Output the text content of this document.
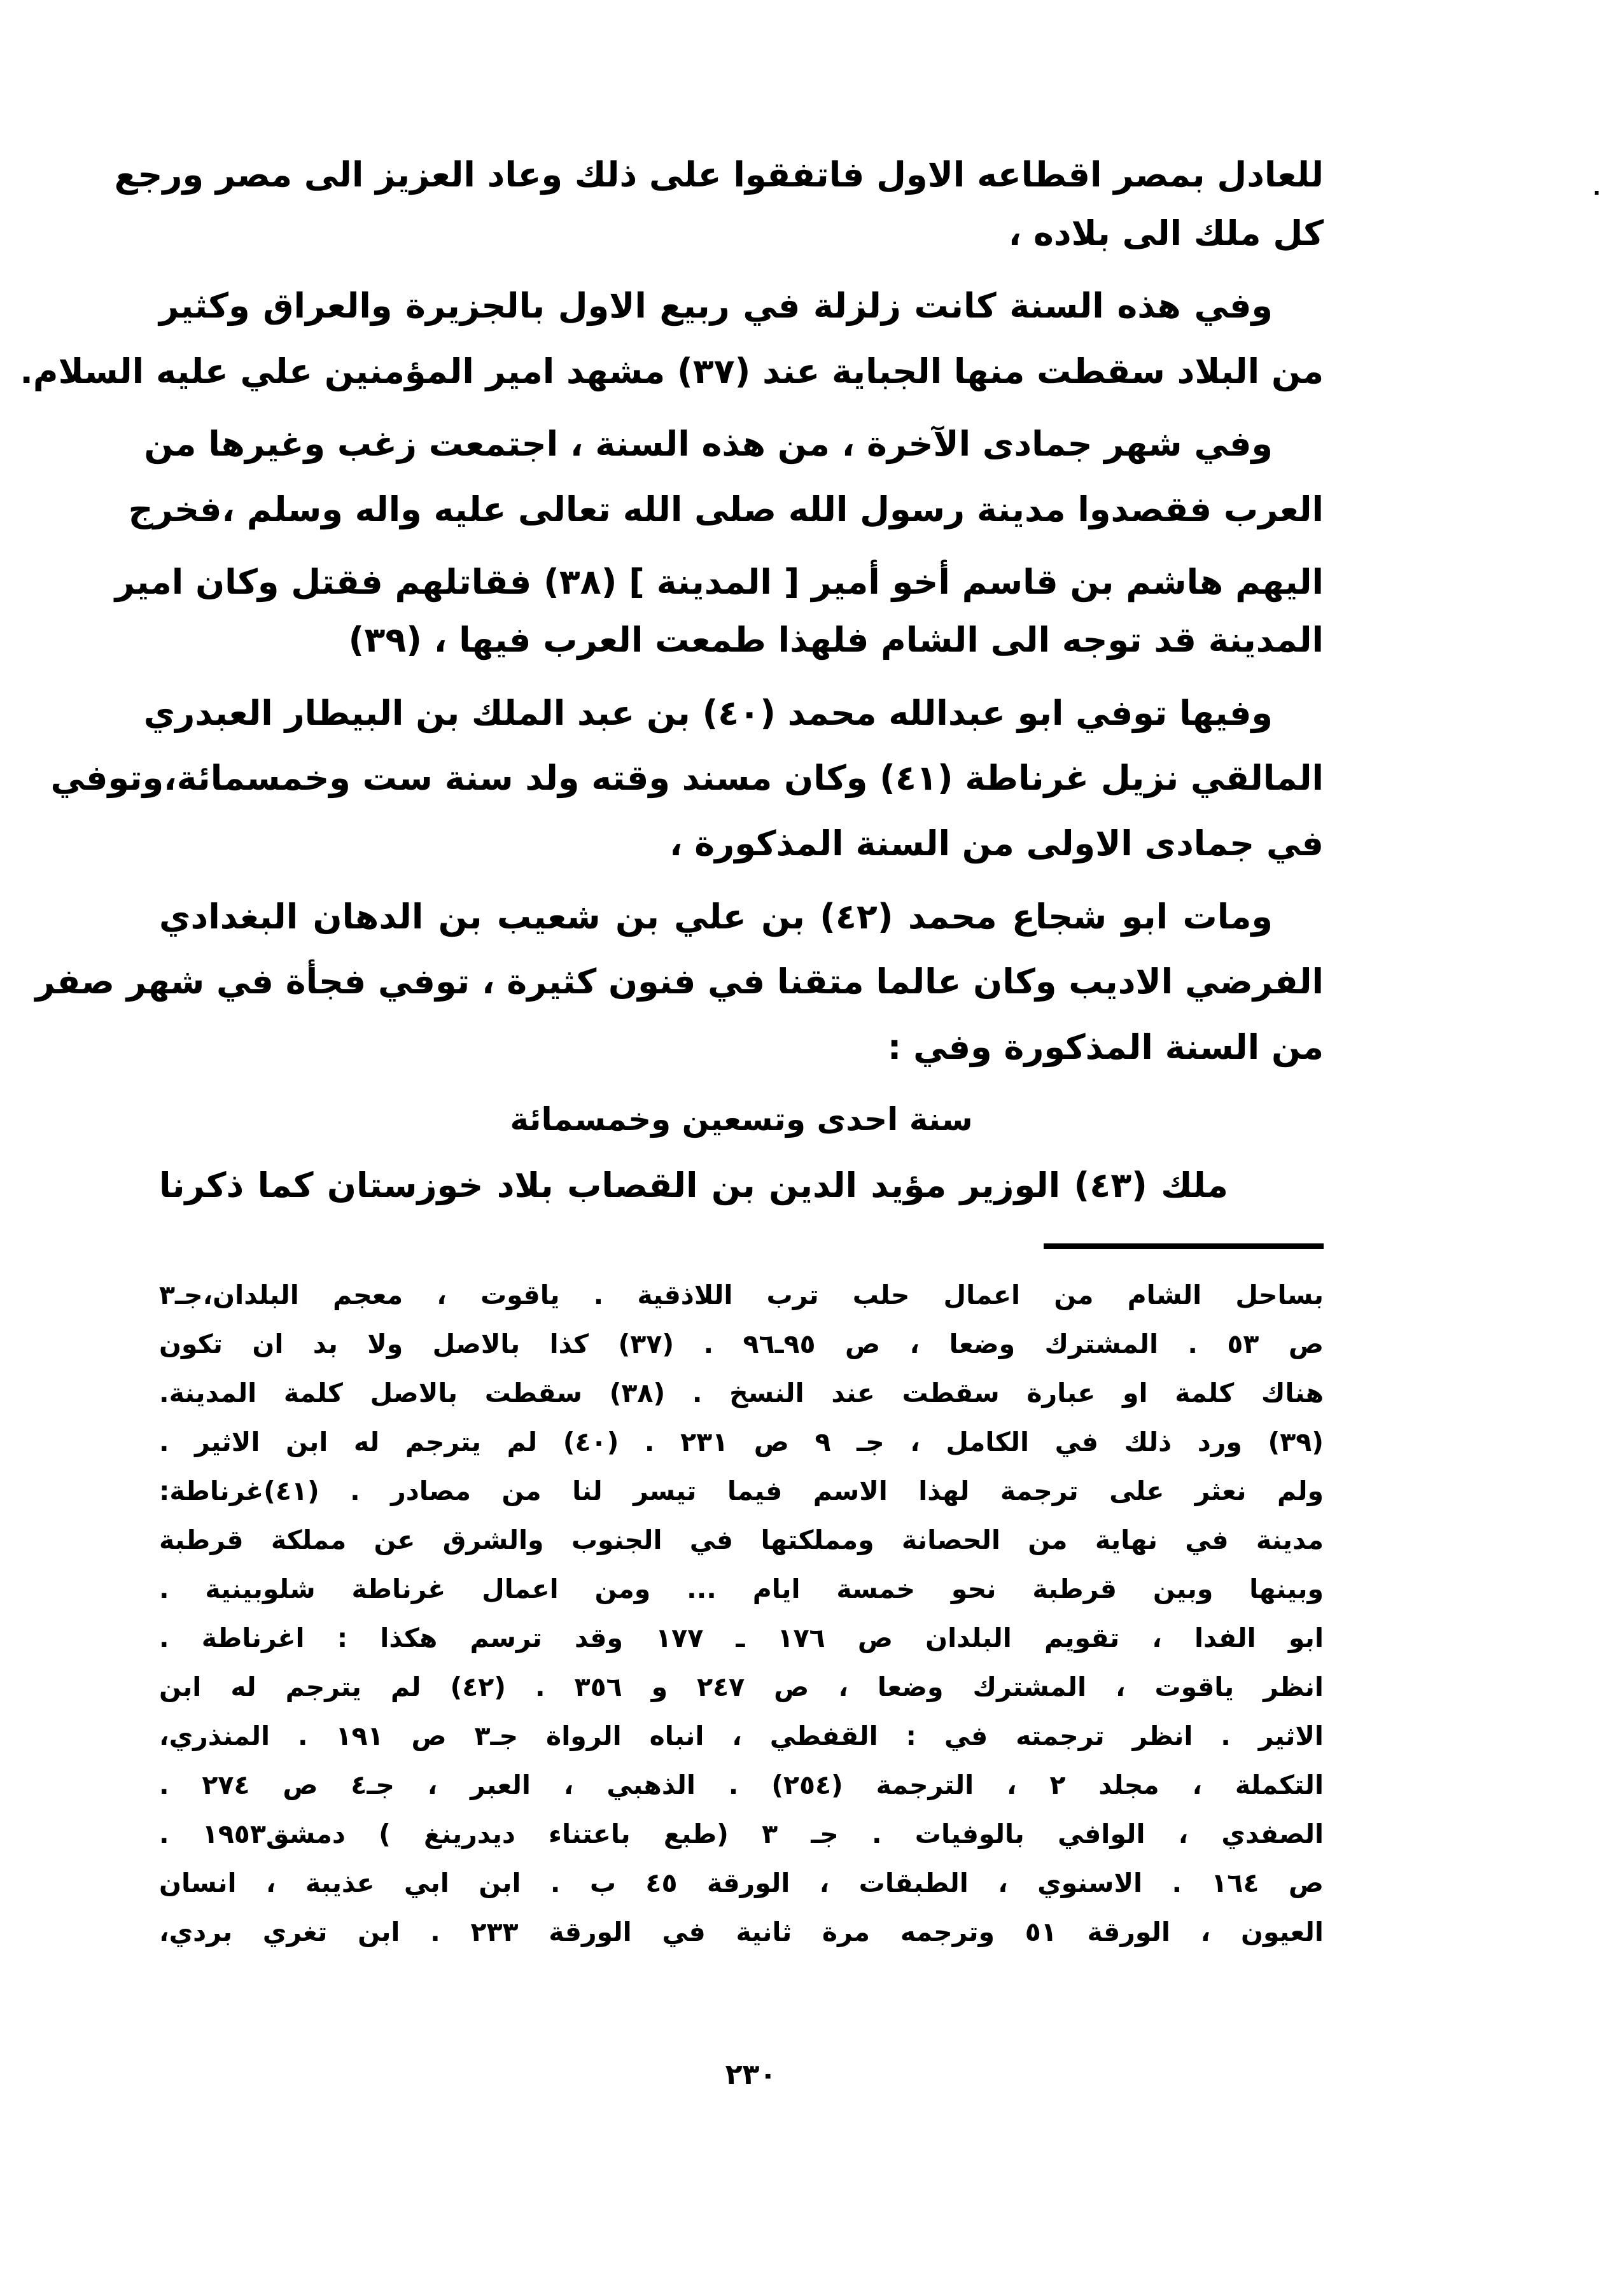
للعادل بمصر اقطاعه الاول فاتفقوا على ذلك وعاد العزيز الى مصر ورجع
كل ملك الى بلاده ،
وفي هذه السنة كانت زلزلة في ربيع الاول بالجزيرة والعراق وكثير
من البلاد سقطت منها الجباية عند (٣٧) مشهد امير المؤمنين علي عليه السلام.
وفي شهر جمادى الآخرة ، من هذه السنة ، اجتمعت زغب وغيرها من
العرب فقصدوا مدينة رسول الله صلى الله تعالى عليه واله وسلم ،فخرج
اليهم هاشم بن قاسم أخو أمير [ المدينة ] (٣٨) فقاتلهم فقتل وكان امير
المدينة قد توجه الى الشام فلهذا طمعت العرب فيها ، (٣٩)
وفيها توفي ابو عبدالله محمد (٤٠) بن عبد الملك بن البيطار العبدري
المالقي نزيل غرناطة (٤١) وكان مسند وقته ولد سنة ست وخمسمائة،وتوفي
في جمادى الاولى من السنة المذكورة ،
ومات ابو شجاع محمد (٤٢) بن علي بن شعيب بن الدهان البغدادي
الفرضي الاديب وكان عالما متقنا في فنون كثيرة ، توفي فجأة في شهر صفر
من السنة المذكورة وفي :
سنة احدى وتسعين وخمسمائة
ملك (٤٣) الوزير مؤيد الدين بن القصاب بلاد خوزستان كما ذكرنا
بساحل الشام من اعمال حلب ترب اللاذقية . ياقوت ، معجم البلدان،جـ٣
ص ٥٣ . المشترك وضعا ، ص ٩٥ـ٩٦ . (٣٧) كذا بالاصل ولا بد ان تكون
هناك كلمة او عبارة سقطت عند النسخ . (٣٨) سقطت بالاصل كلمة المدينة.
(٣٩) ورد ذلك في الكامل ، جـ ٩ ص ٢٣١ . (٤٠) لم يترجم له ابن الاثير .
ولم نعثر على ترجمة لهذا الاسم فيما تيسر لنا من مصادر . (٤١)غرناطة:
مدينة في نهاية من الحصانة ومملكتها في الجنوب والشرق عن مملكة قرطبة
وبينها وبين قرطبة نحو خمسة ايام ... ومن اعمال غرناطة شلوبينية .
ابو الفدا ، تقويم البلدان ص ١٧٦ ـ ١٧٧ وقد ترسم هكذا : اغرناطة .
انظر ياقوت ، المشترك وضعا ، ص ٢٤٧ و ٣٥٦ . (٤٢) لم يترجم له ابن
الاثير . انظر ترجمته في : القفطي ، انباه الرواة جـ٣ ص ١٩١ . المنذري،
التكملة ، مجلد ٢ ، الترجمة (٢٥٤) . الذهبي ، العبر ، جـ٤ ص ٢٧٤ .
الصفدي ، الوافي بالوفيات . جـ ٣ (طبع باعتناء ديدرينغ ) دمشق١٩٥٣ .
ص ١٦٤ . الاسنوي ، الطبقات ، الورقة ٤٥ ب . ابن ابي عذيبة ، انسان
العيون ، الورقة ٥١ وترجمه مرة ثانية في الورقة ٢٣٣ . ابن تغري بردي،
٢٣٠
